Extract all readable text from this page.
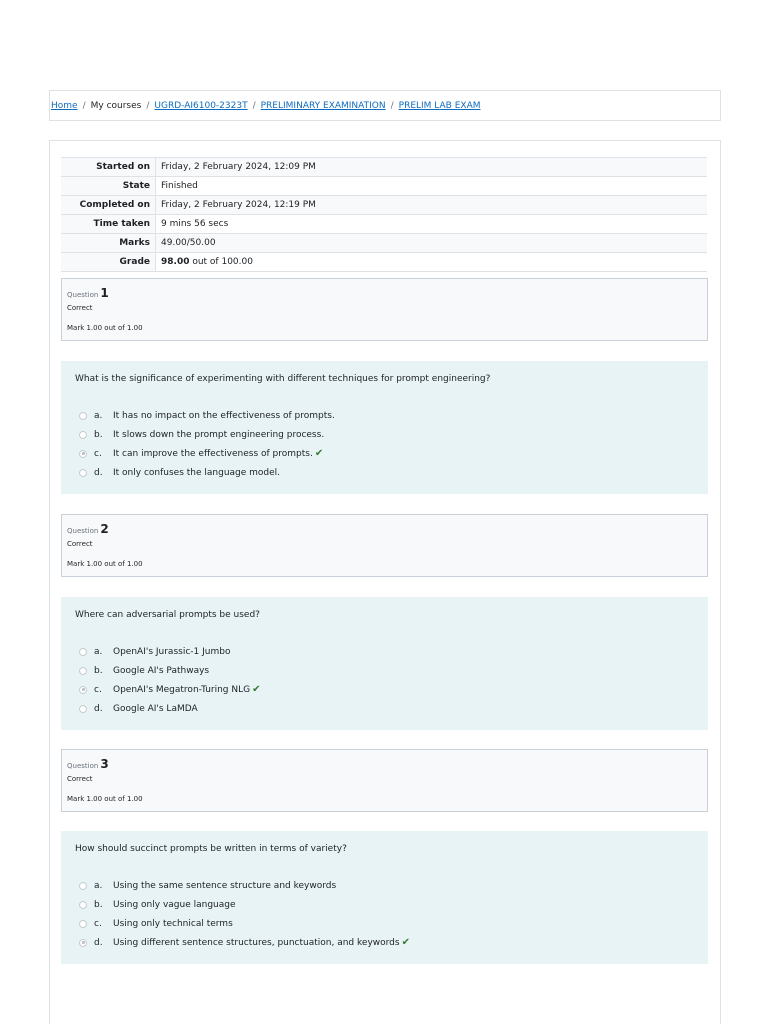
Home / My courses / UGRD-AI6100-2323T / PRELIMINARY EXAMINATION / PRELIM LAB EXAM
Started on	Friday, 2 February 2024, 12:09 PM
State	Finished
Completed on	Friday, 2 February 2024, 12:19 PM
Time taken	9 mins 56 secs
Marks	49.00/50.00
Grade	98.00 out of 100.00
Question 1
Correct
Mark 1.00 out of 1.00
What is the significance of experimenting with different techniques for prompt engineering?
a.	It has no impact on the effectiveness of prompts.
b.	It slows down the prompt engineering process.
c.	It can improve the effectiveness of prompts. ✔
d.	It only confuses the language model.
Question 2
Correct
Mark 1.00 out of 1.00
Where can adversarial prompts be used?
a.	OpenAI's Jurassic-1 Jumbo
b.	Google AI's Pathways
c.	OpenAI's Megatron-Turing NLG ✔
d.	Google AI's LaMDA
Question 3
Correct
Mark 1.00 out of 1.00
How should succinct prompts be written in terms of variety?
a.	Using the same sentence structure and keywords
b.	Using only vague language
c.	Using only technical terms
d.	Using different sentence structures, punctuation, and keywords ✔
